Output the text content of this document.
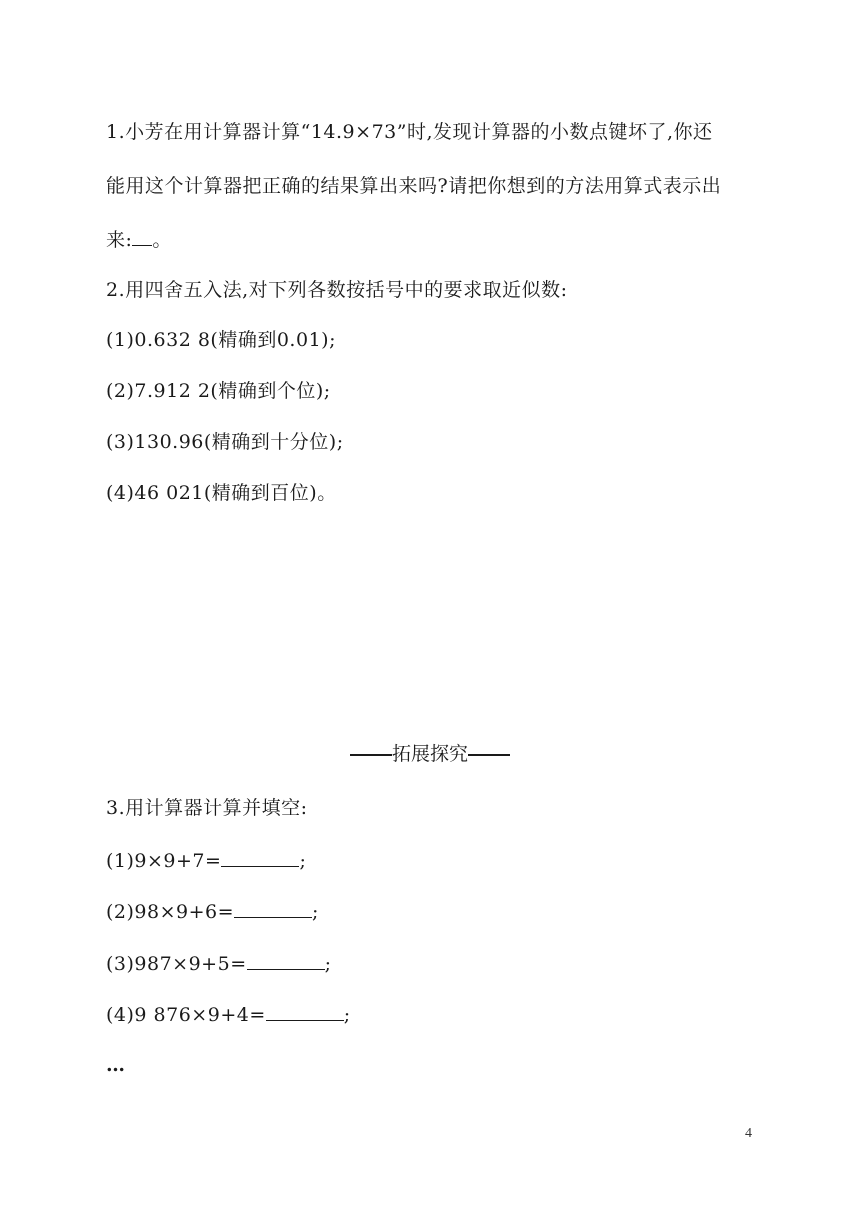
1.小芳在用计算器计算“14.9×73”时,发现计算器的小数点键坏了,你还
能用这个计算器把正确的结果算出来吗?请把你想到的方法用算式表示出
来: 。
2.用四舍五入法,对下列各数按括号中的要求取近似数:
(1)0.632 8(精确到0.01);
(2)7.912 2(精确到个位);
(3)130.96(精确到十分位);
(4)46 021(精确到百位)。
拓展探究
3.用计算器计算并填空:
(1)9×9+7=	;
(2)98×9+6=	;
(3)987×9+5=	;
(4)9 876×9+4=	;
…
4
